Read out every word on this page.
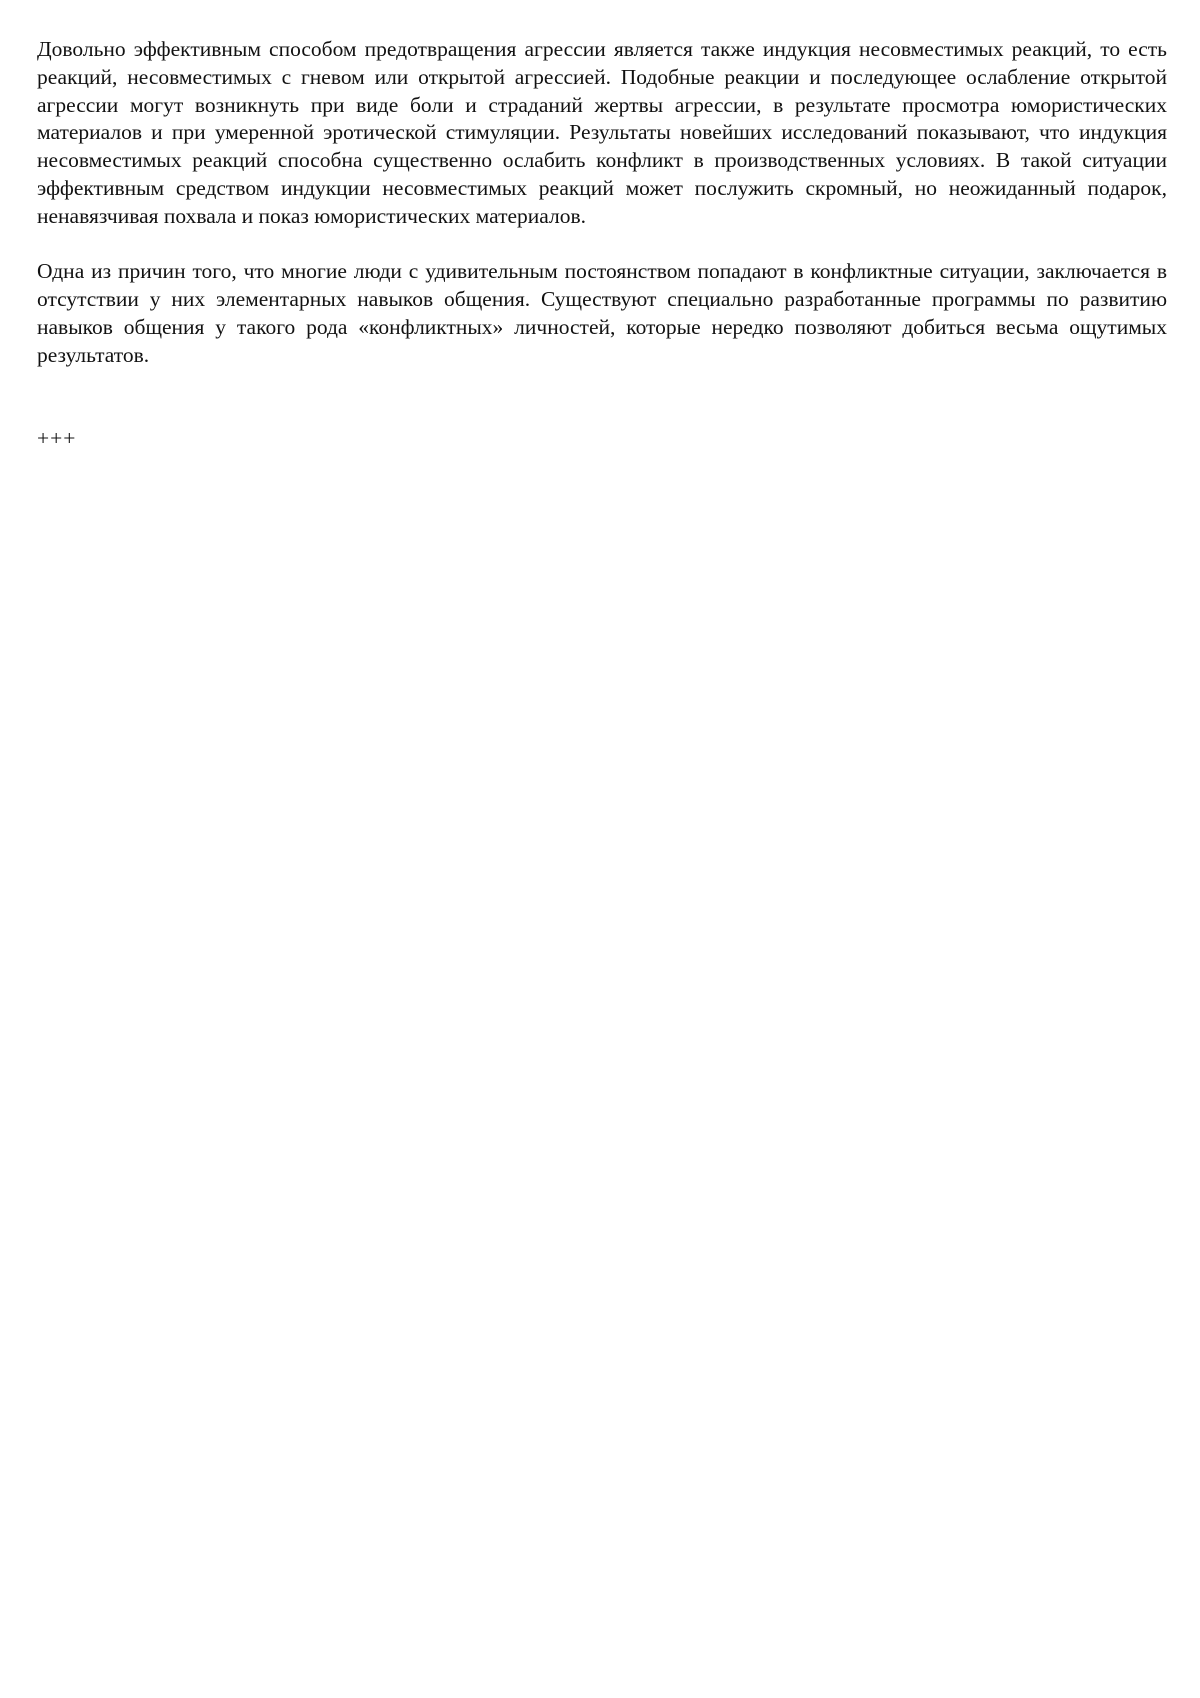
Довольно эффективным способом предотвращения агрессии является также индукция несовместимых реакций, то есть реакций, несовместимых с гневом или открытой агрессией. Подобные реакции и последующее ослабление открытой агрессии могут возникнуть при виде боли и страданий жертвы агрессии, в результате просмотра юмористических материалов и при умеренной эротической стимуляции. Результаты новейших исследований показывают, что индукция несовместимых реакций способна существенно ослабить конфликт в производственных условиях. В такой ситуации эффективным средством индукции несовместимых реакций может послужить скромный, но неожиданный подарок, ненавязчивая похвала и показ юмористических материалов.

Одна из причин того, что многие люди с удивительным постоянством попадают в конфликтные ситуации, заключается в отсутствии у них элементарных навыков общения. Существуют специально разработанные программы по развитию навыков общения у такого рода «конфликтных» личностей, которые нередко позволяют добиться весьма ощутимых результатов.

+++
